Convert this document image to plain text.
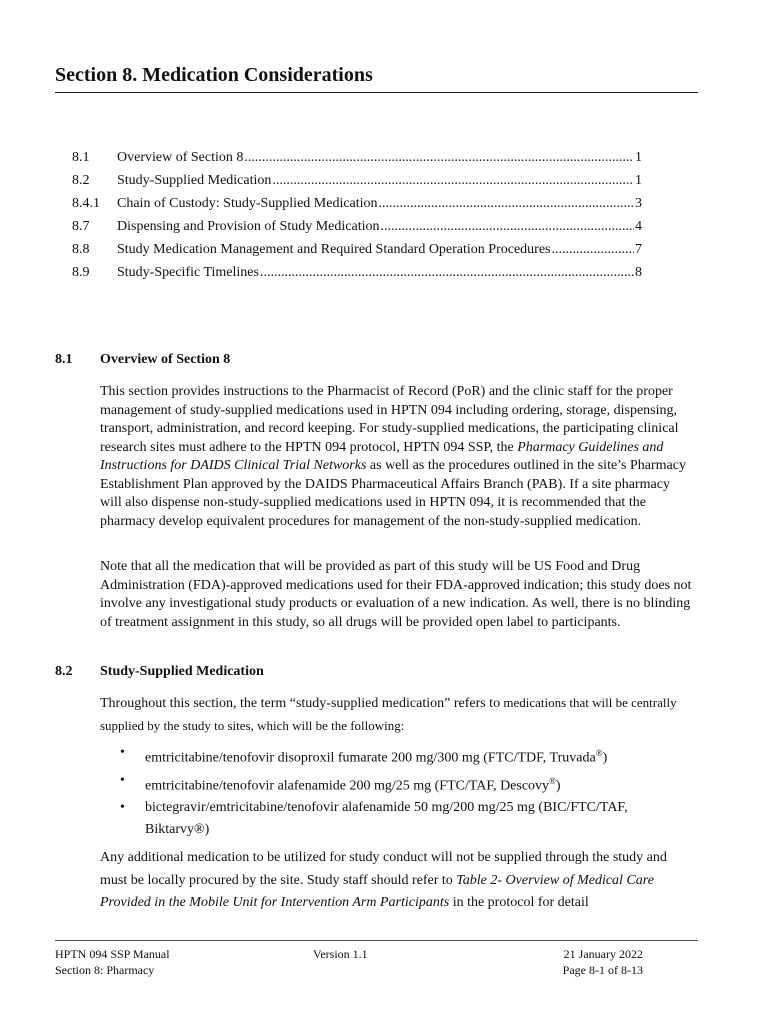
Section 8. Medication Considerations
8.1	Overview of Section 8 .....	1
8.2	Study-Supplied Medication .....	1
8.4.1	Chain of Custody: Study-Supplied Medication .....	3
8.7	Dispensing and Provision of Study Medication .....	4
8.8	Study Medication Management and Required Standard Operation Procedures .....	7
8.9	Study-Specific Timelines .....	8
8.1 Overview of Section 8

This section provides instructions to the Pharmacist of Record (PoR) and the clinic staff for the proper management of study-supplied medications used in HPTN 094 including ordering, storage, dispensing, transport, administration, and record keeping. For study-supplied medications, the participating clinical research sites must adhere to the HPTN 094 protocol, HPTN 094 SSP, the Pharmacy Guidelines and Instructions for DAIDS Clinical Trial Networks as well as the procedures outlined in the site’s Pharmacy Establishment Plan approved by the DAIDS Pharmaceutical Affairs Branch (PAB). If a site pharmacy will also dispense non-study-supplied medications used in HPTN 094, it is recommended that the pharmacy develop equivalent procedures for management of the non-study-supplied medication.

Note that all the medication that will be provided as part of this study will be US Food and Drug Administration (FDA)-approved medications used for their FDA-approved indication; this study does not involve any investigational study products or evaluation of a new indication. As well, there is no blinding of treatment assignment in this study, so all drugs will be provided open label to participants.

8.2 Study-Supplied Medication

Throughout this section, the term “study-supplied medication” refers to medications that will be centrally supplied by the study to sites, which will be the following:

• emtricitabine/tenofovir disoproxil fumarate 200 mg/300 mg (FTC/TDF, Truvada®)
• emtricitabine/tenofovir alafenamide 200 mg/25 mg (FTC/TAF, Descovy®)
• bictegravir/emtricitabine/tenofovir alafenamide 50 mg/200 mg/25 mg (BIC/FTC/TAF, Biktarvy®)

Any additional medication to be utilized for study conduct will not be supplied through the study and must be locally procured by the site. Study staff should refer to Table 2- Overview of Medical Care Provided in the Mobile Unit for Intervention Arm Participants in the protocol for detail

HPTN 094 SSP Manual
Section 8: Pharmacy
Version 1.1	21 January 2022
Page 8-1 of 8-13
